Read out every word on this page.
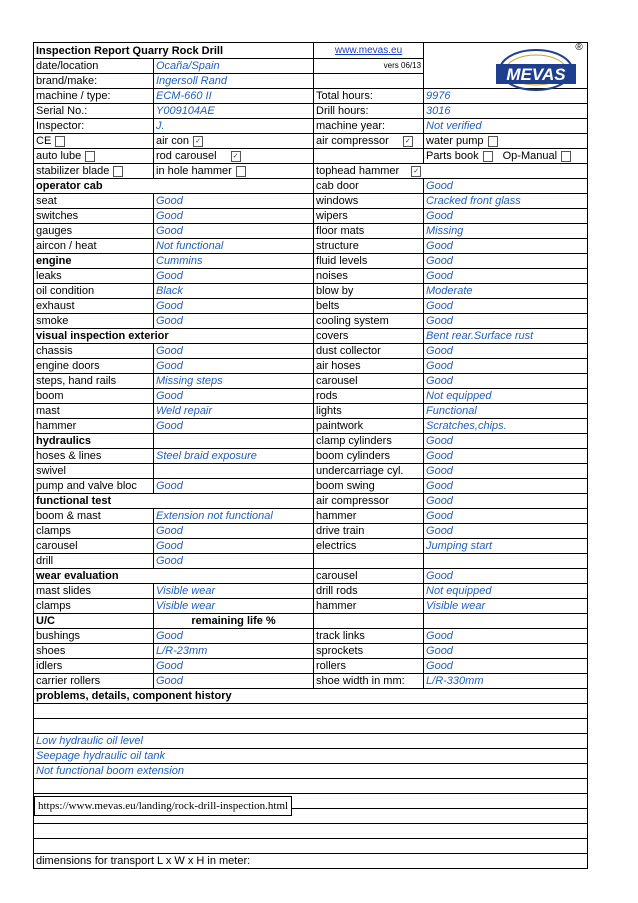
Inspection Report Quarry Rock Drill		www.mevas.eu	
date/location	Ocaña/Spain	vers 06/13	
brand/make:	Ingersoll Rand		
machine / type:	ECM-660 II	Total hours:	9976
Serial No.:	Y009104AE	Drill hours:	3016
Inspector:	J.	machine year:	Not verified
CE	air con ✓	air compressor ✓	water pump
auto lube	rod carousel ✓		Parts book Op-Manual
stabilizer blade	in hole hammer	tophead hammer ✓	
operator cab		cab door	Good
seat	Good	windows	Cracked front glass
switches	Good	wipers	Good
gauges	Good	floor mats	Missing
aircon / heat	Not functional	structure	Good
engine	Cummins	fluid levels	Good
leaks	Good	noises	Good
oil condition	Black	blow by	Moderate
exhaust	Good	belts	Good
smoke	Good	cooling system	Good
visual inspection exterior		covers	Bent rear.Surface rust
chassis	Good	dust collector	Good
engine doors	Good	air hoses	Good
steps, hand rails	Missing steps	carousel	Good
boom	Good	rods	Not equipped
mast	Weld repair	lights	Functional
hammer	Good	paintwork	Scratches,chips.
hydraulics		clamp cylinders	Good
hoses & lines	Steel braid exposure	boom cylinders	Good
swivel		undercarriage cyl.	Good
pump and valve bloc	Good	boom swing	Good
functional test		air compressor	Good
boom & mast	Extension not functional	hammer	Good
clamps	Good	drive train	Good
carousel	Good	electrics	Jumping start
drill	Good		
wear evaluation		carousel	Good
mast slides	Visible wear	drill rods	Not equipped
clamps	Visible wear	hammer	Visible wear
U/C	remaining life %		
bushings	Good	track links	Good
shoes	L/R-23mm	sprockets	Good
idlers	Good	rollers	Good
carrier rollers	Good	shoe width in mm:	L/R-330mm
problems, details, component history			

Low hydraulic oil level			
Seepage hydraulic oil tank			
Not functional boom extension			

dimensions for transport L x W x H in meter:			
MEVAS
®
https://www.mevas.eu/landing/rock-drill-inspection.html
